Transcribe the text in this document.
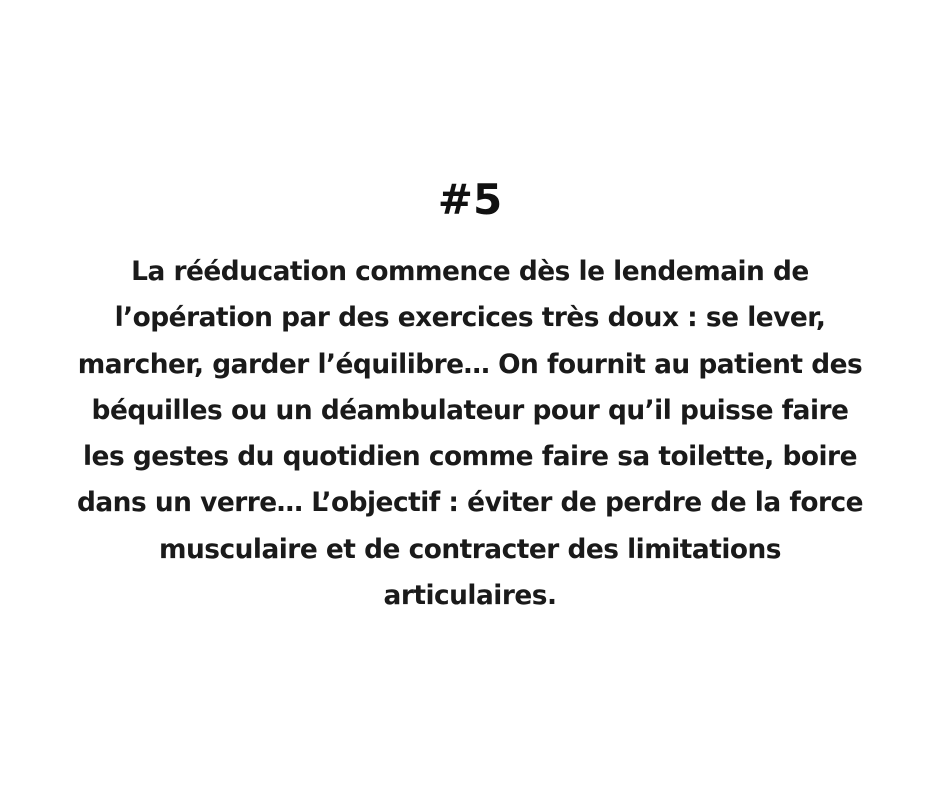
#5
La rééducation commence dès le lendemain de
l’opération par des exercices très doux : se lever,
marcher, garder l’équilibre… On fournit au patient des
béquilles ou un déambulateur pour qu’il puisse faire
les gestes du quotidien comme faire sa toilette, boire
dans un verre… L’objectif : éviter de perdre de la force
musculaire et de contracter des limitations
articulaires.
